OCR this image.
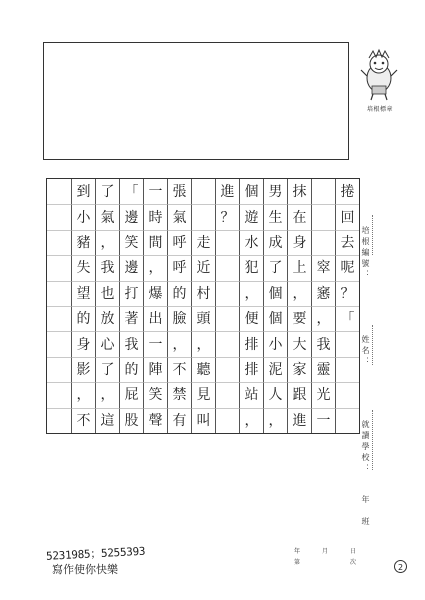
培根標章
捲
回
去
呢
？
」
窣
窸
，
我
靈
光
一
抹
在
身
上
，
要
大
家
跟
進
男
生
成
了
個
個
小
泥
人
，
個
遊
水
犯
，
便
排
排
站
，
進
？
走
近
村
頭
，
聽
見
叫
張
氣
呼
呼
的
臉
，
不
禁
有
一
時
間
，
爆
出
一
陣
笑
聲
」
邊
笑
邊
打
著
我
的
屁
股
了
氣
，
我
也
放
心
了
，
這
到
小
豬
失
望
的
身
影
，
不
培根編號：
姓名：
就讀學校：
年　班
5231985；5255393
寫作使你快樂
年	月	日
第	次
2
